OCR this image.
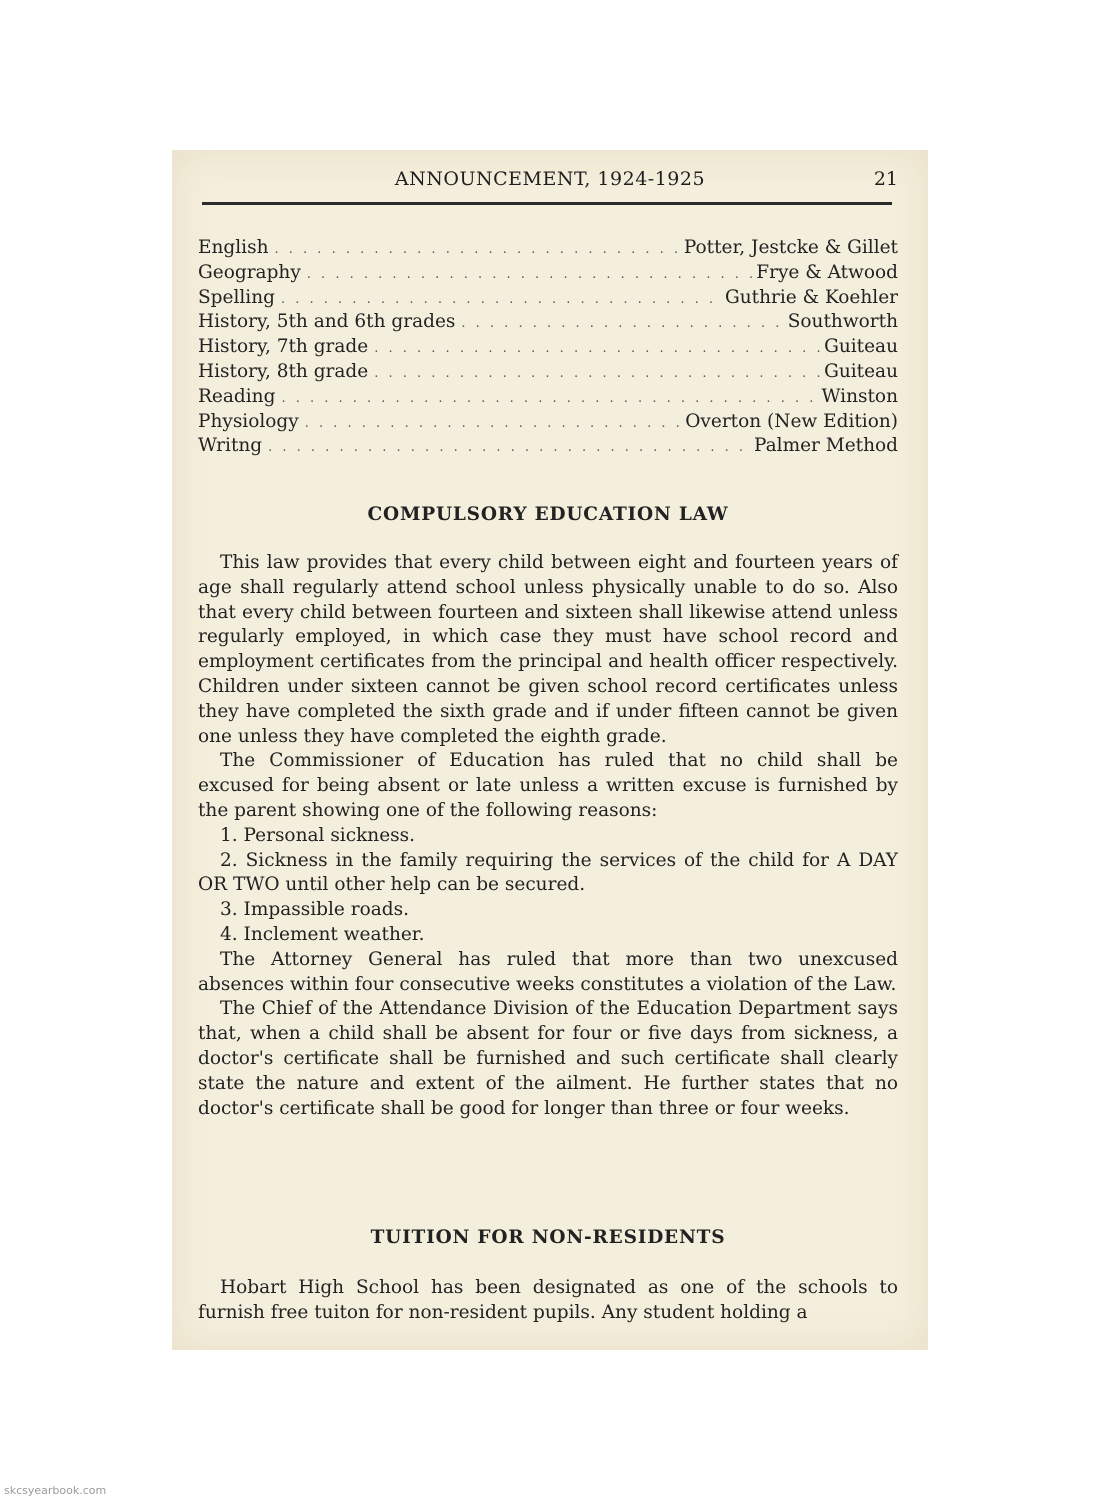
ANNOUNCEMENT, 1924-1925	21
English . . .	Potter, Jestcke & Gillet
Geography . . .	Frye & Atwood
Spelling . . .	Guthrie & Koehler
History, 5th and 6th grades . . .	Southworth
History, 7th grade . . .	Guiteau
History, 8th grade . . .	Guiteau
Reading . . .	Winston
Physiology . . .	Overton (New Edition)
Writng . . .	Palmer Method
COMPULSORY EDUCATION LAW

This law provides that every child between eight and fourteen years of age shall regularly attend school unless physically unable to do so. Also that every child between fourteen and sixteen shall likewise attend unless regularly employed, in which case they must have school record and employment certificates from the principal and health officer respectively. Children under sixteen cannot be given school record certificates unless they have completed the sixth grade and if under fifteen cannot be given one unless they have completed the eighth grade.

The Commissioner of Education has ruled that no child shall be excused for being absent or late unless a written excuse is furnished by the parent showing one of the following reasons:

1. Personal sickness.

2. Sickness in the family requiring the services of the child for A DAY OR TWO until other help can be secured.

3. Impassible roads.

4. Inclement weather.

The Attorney General has ruled that more than two unexcused absences within four consecutive weeks constitutes a violation of the Law.

The Chief of the Attendance Division of the Education Department says that, when a child shall be absent for four or five days from sickness, a doctor's certificate shall be furnished and such certificate shall clearly state the nature and extent of the ailment. He further states that no doctor's certificate shall be good for longer than three or four weeks.

TUITION FOR NON-RESIDENTS

Hobart High School has been designated as one of the schools to furnish free tuiton for non-resident pupils. Any student holding a

skcsyearbook.com
